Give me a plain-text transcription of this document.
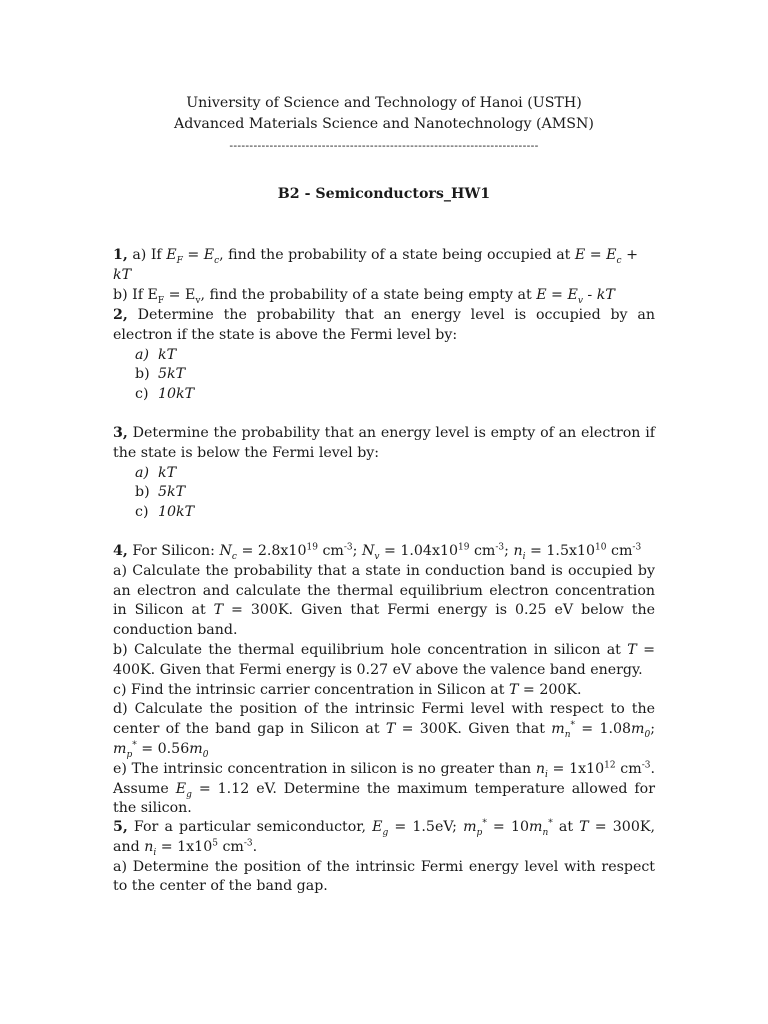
University of Science and Technology of Hanoi (USTH)
Advanced Materials Science and Nanotechnology (AMSN)
-----------------------------------------------------------------------------
B2 - Semiconductors_HW1
1, a) If $E_F = E_c$, find the probability of a state being occupied at $E = E_c$ + kT
b) If $E_F = E_v$, find the probability of a state being empty at $E = E_v$ - kT
2, Determine the probability that an energy level is occupied by an electron if the state is above the Fermi level by:
a) kT
b) 5kT
c) 10kT
3, Determine the probability that an energy level is empty of an electron if the state is below the Fermi level by:
a) kT
b) 5kT
c) 10kT
4, For Silicon: $N_c = 2.8x10^{19}$ $cm^{-3}$; $N_v = 1.04x10^{19}$ $cm^{-3}$; $n_i = 1.5x10^{10}$ $cm^{-3}$
a) Calculate the probability that a state in conduction band is occupied by an electron and calculate the thermal equilibrium electron concentration in Silicon at T = 300K. Given that Fermi energy is 0.25 eV below the conduction band.
b) Calculate the thermal equilibrium hole concentration in silicon at T = 400K. Given that Fermi energy is 0.27 eV above the valence band energy.
c) Find the intrinsic carrier concentration in Silicon at T = 200K.
d) Calculate the position of the intrinsic Fermi level with respect to the center of the band gap in Silicon at T = 300K. Given that $m_n^* = 1.08m_0$; $m_p^* = 0.56m_0$
e) The intrinsic concentration in silicon is no greater than $n_i = 1x10^{12}$ $cm^{-3}$. Assume $E_g = 1.12$ eV. Determine the maximum temperature allowed for the silicon.
5, For a particular semiconductor, $E_g = 1.5eV$; $m_p^* = 10m_n^*$ at T = 300K, and $n_i = 1x10^5$ $cm^{-3}$.
a) Determine the position of the intrinsic Fermi energy level with respect to the center of the band gap.
